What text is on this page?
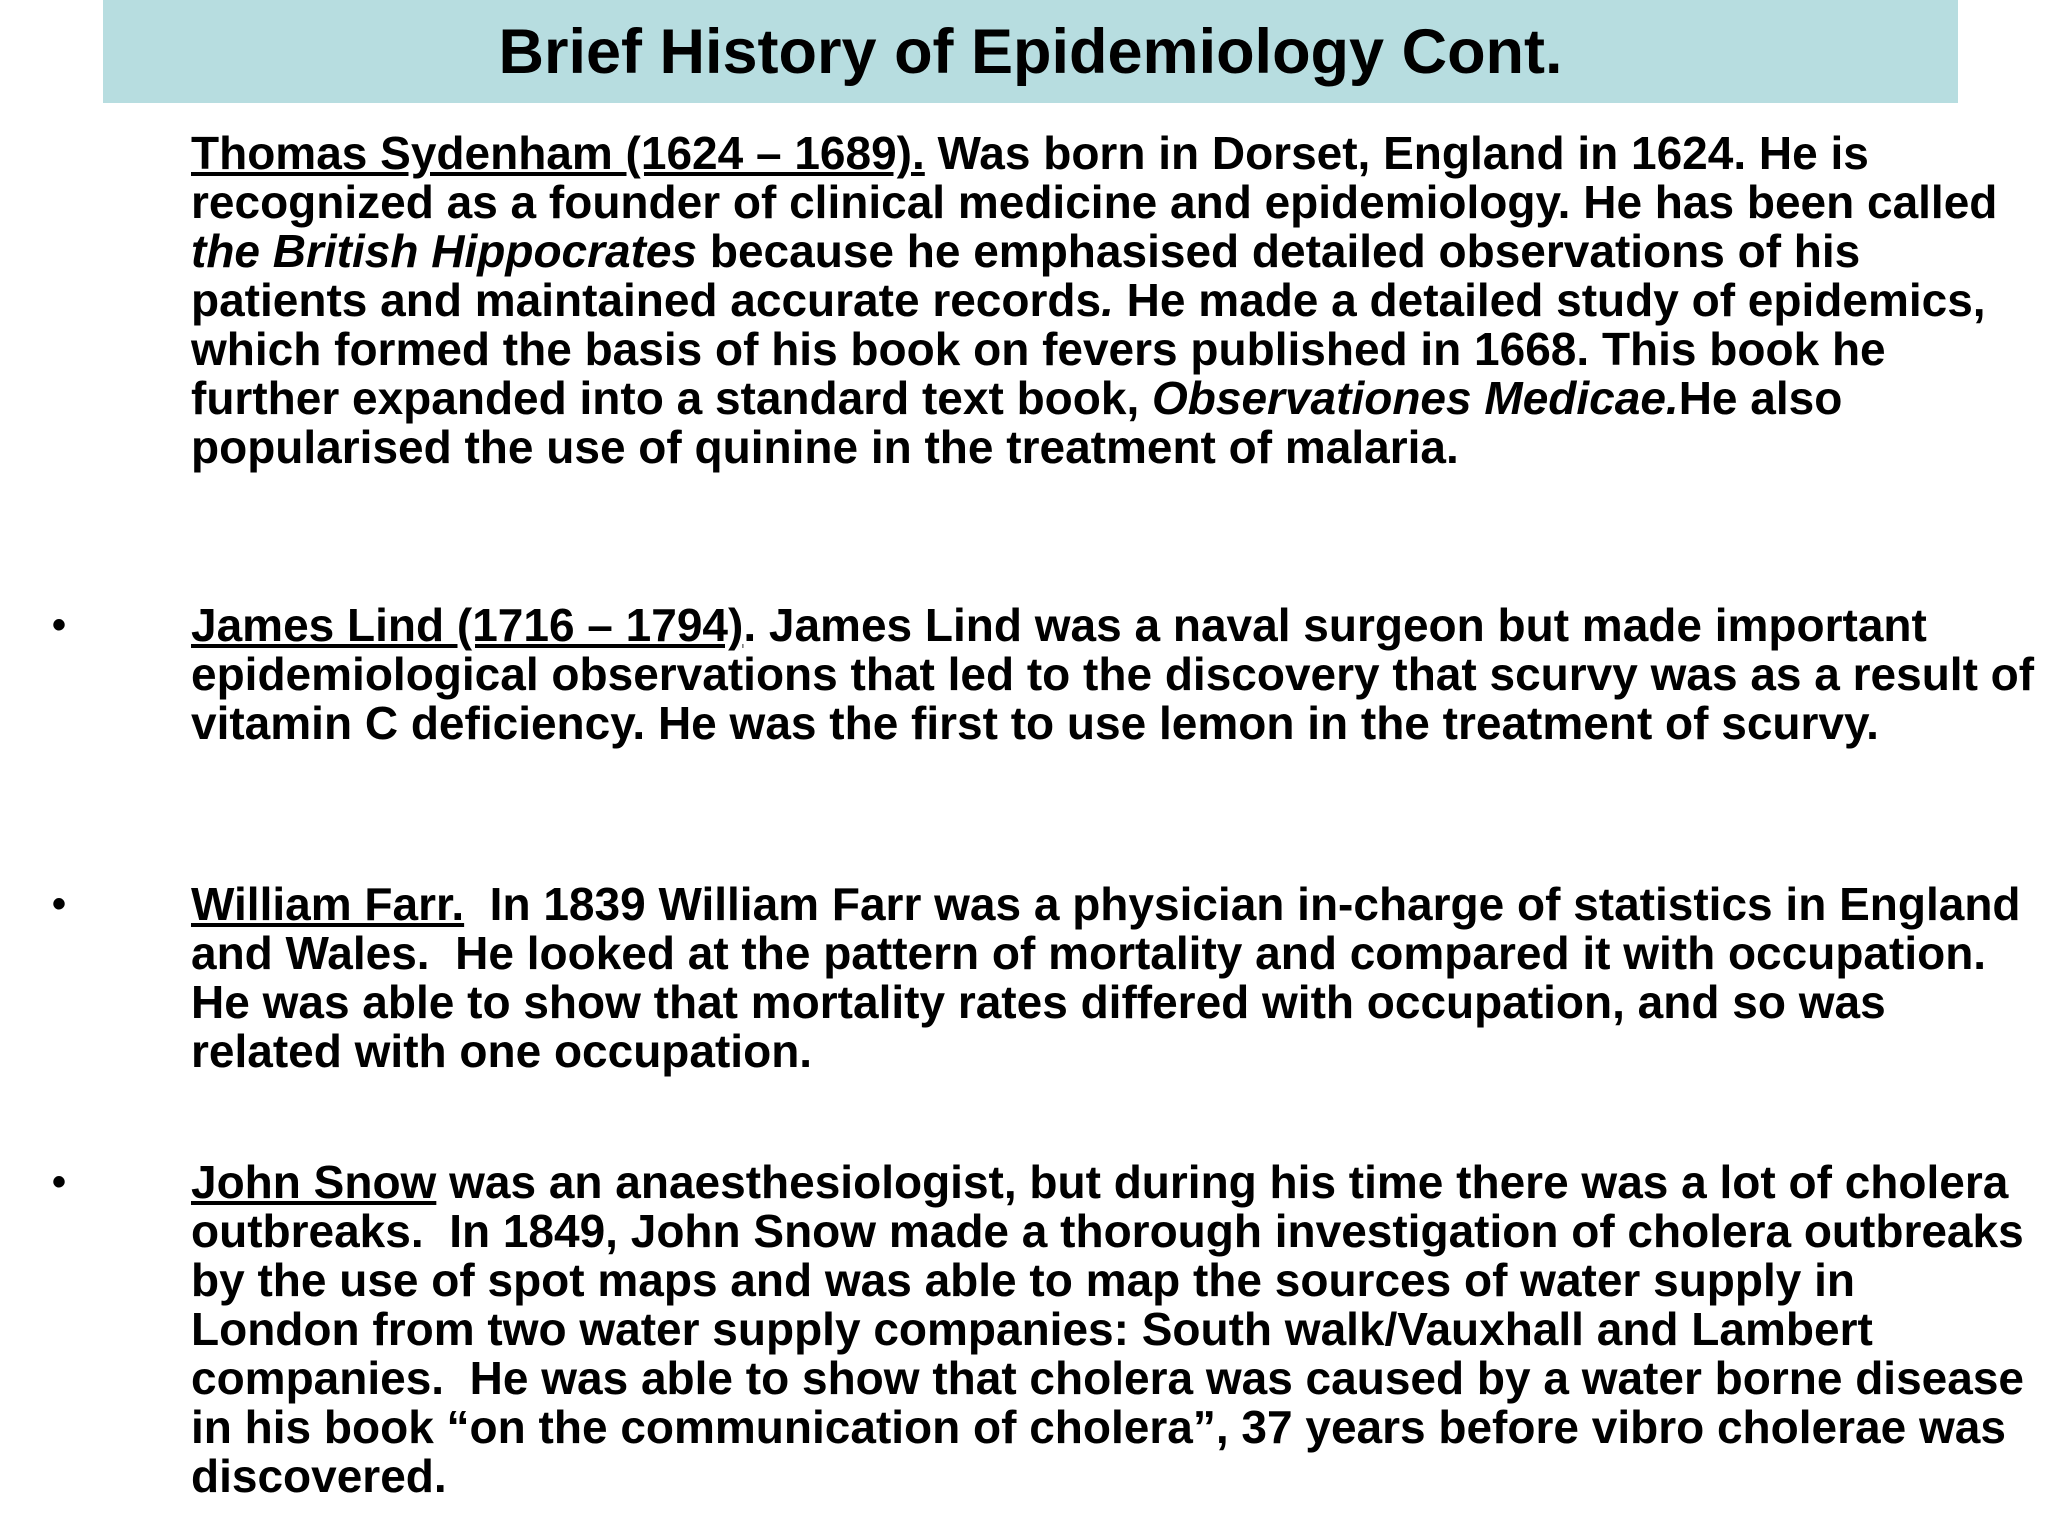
Brief History of Epidemiology Cont.
Thomas Sydenham (1624 – 1689). Was born in Dorset, England in 1624. He is recognized as a founder of clinical medicine and epidemiology. He has been called the British Hippocrates because he emphasised detailed observations of his patients and maintained accurate records. He made a detailed study of epidemics, which formed the basis of his book on fevers published in 1668. This book he further expanded into a standard text book, Observationes Medicae.He also popularised the use of quinine in the treatment of malaria.
•	James Lind (1716 – 1794). James Lind was a naval surgeon but made important epidemiological observations that led to the discovery that scurvy was as a result of vitamin C deficiency. He was the first to use lemon in the treatment of scurvy.
•	William Farr.  In 1839 William Farr was a physician in-charge of statistics in England and Wales.  He looked at the pattern of mortality and compared it with occupation.  He was able to show that mortality rates differed with occupation, and so was related with one occupation.
•	John Snow was an anaesthesiologist, but during his time there was a lot of cholera outbreaks.  In 1849, John Snow made a thorough investigation of cholera outbreaks by the use of spot maps and was able to map the sources of water supply in London from two water supply companies: South walk/Vauxhall and Lambert companies.  He was able to show that cholera was caused by a water borne disease in his book “on the communication of cholera”, 37 years before vibro cholerae was discovered.
